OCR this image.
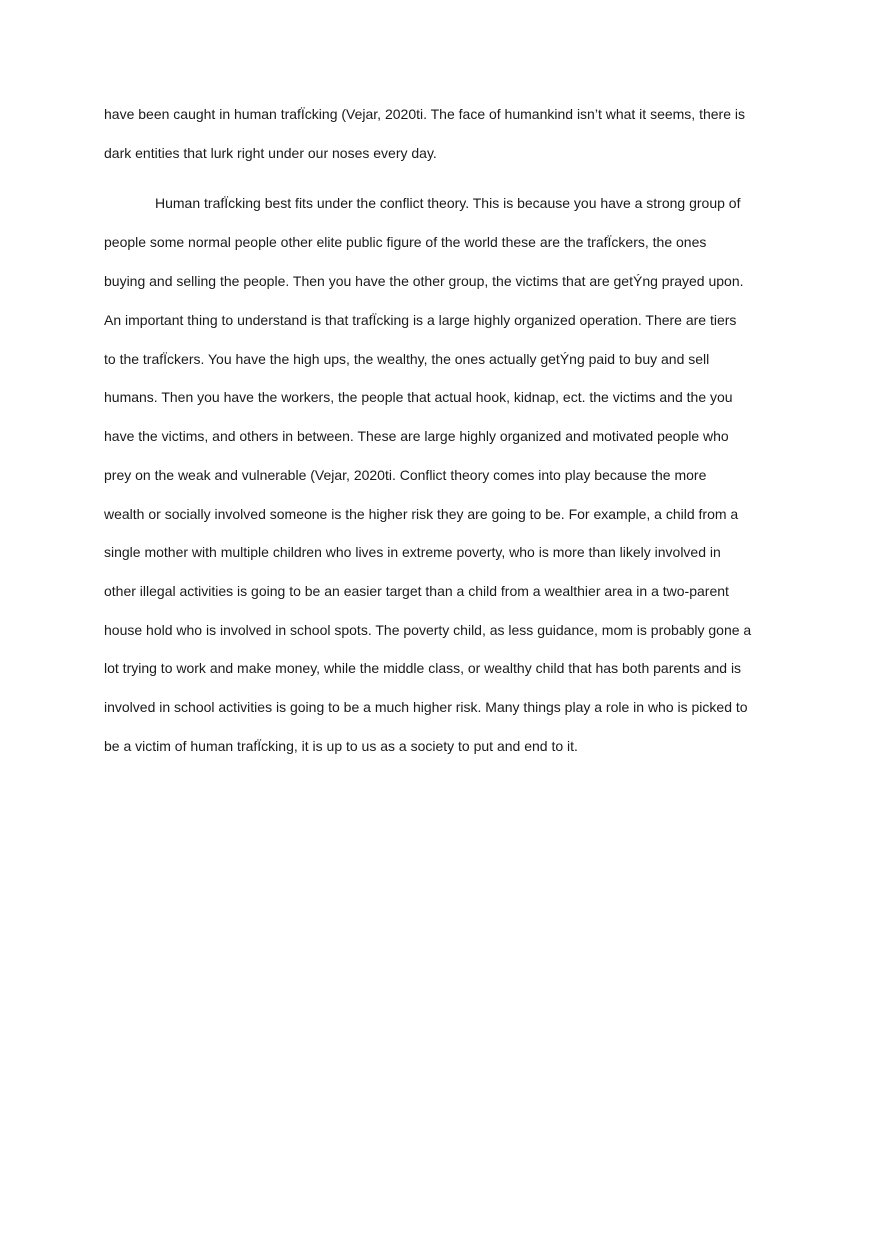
have been caught in human trafÏcking (Vejar, 2020ti. The face of humankind isn’t what it seems, there is
dark entities that lurk right under our noses every day.
Human trafÏcking best fits under the conflict theory. This is because you have a strong group of
people some normal people other elite public figure of the world these are the trafÏckers, the ones
buying and selling the people. Then you have the other group, the victims that are getÝng prayed upon.
An important thing to understand is that trafÏcking is a large highly organized operation. There are tiers
to the trafÏckers. You have the high ups, the wealthy, the ones actually getÝng paid to buy and sell
humans. Then you have the workers, the people that actual hook, kidnap, ect. the victims and the you
have the victims, and others in between. These are large highly organized and motivated people who
prey on the weak and vulnerable (Vejar, 2020ti. Conflict theory comes into play because the more
wealth or socially involved someone is the higher risk they are going to be. For example, a child from a
single mother with multiple children who lives in extreme poverty, who is more than likely involved in
other illegal activities is going to be an easier target than a child from a wealthier area in a two-parent
house hold who is involved in school spots. The poverty child, as less guidance, mom is probably gone a
lot trying to work and make money, while the middle class, or wealthy child that has both parents and is
involved in school activities is going to be a much higher risk. Many things play a role in who is picked to
be a victim of human trafÏcking, it is up to us as a society to put and end to it.
